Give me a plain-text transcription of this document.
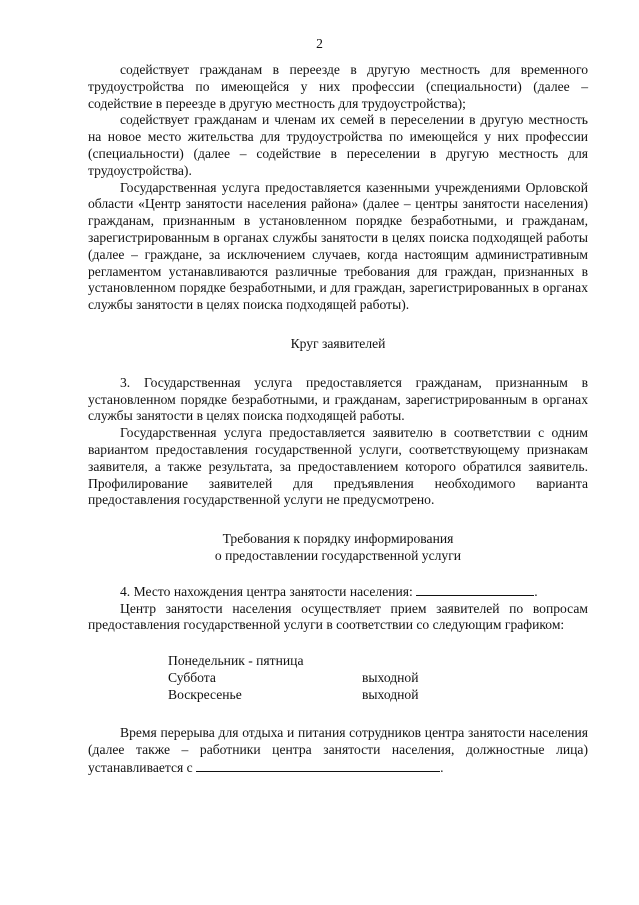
2

содействует гражданам в переезде в другую местность для временного трудоустройства по имеющейся у них профессии (специальности) (далее – содействие в переезде в другую местность для трудоустройства);

содействует гражданам и членам их семей в переселении в другую местность на новое место жительства для трудоустройства по имеющейся у них профессии (специальности) (далее – содействие в переселении в другую местность для трудоустройства).

Государственная услуга предоставляется казенными учреждениями Орловской области «Центр занятости населения района» (далее – центры занятости населения) гражданам, признанным в установленном порядке безработными, и гражданам, зарегистрированным в органах службы занятости в целях поиска подходящей работы (далее – граждане, за исключением случаев, когда настоящим административным регламентом устанавливаются различные требования для граждан, признанных в установленном порядке безработными, и для граждан, зарегистрированных в органах службы занятости в целях поиска подходящей работы).

Круг заявителей

3. Государственная услуга предоставляется гражданам, признанным в установленном порядке безработными, и гражданам, зарегистрированным в органах службы занятости в целях поиска подходящей работы.

Государственная услуга предоставляется заявителю в соответствии с одним вариантом предоставления государственной услуги, соответствующему признакам заявителя, а также результата, за предоставлением которого обратился заявитель. Профилирование заявителей для предъявления необходимого варианта предоставления государственной услуги не предусмотрено.

Требования к порядку информирования

о предоставлении государственной услуги

4. Место нахождения центра занятости населения:	.

Центр занятости населения осуществляет прием заявителей по вопросам предоставления государственной услуги в соответствии со следующим графиком:

Понедельник - пятница	
Суббота	выходной
Воскресенье	выходной

Время перерыва для отдыха и питания сотрудников центра занятости населения (далее также – работники центра занятости населения, должностные лица) устанавливается с	.
